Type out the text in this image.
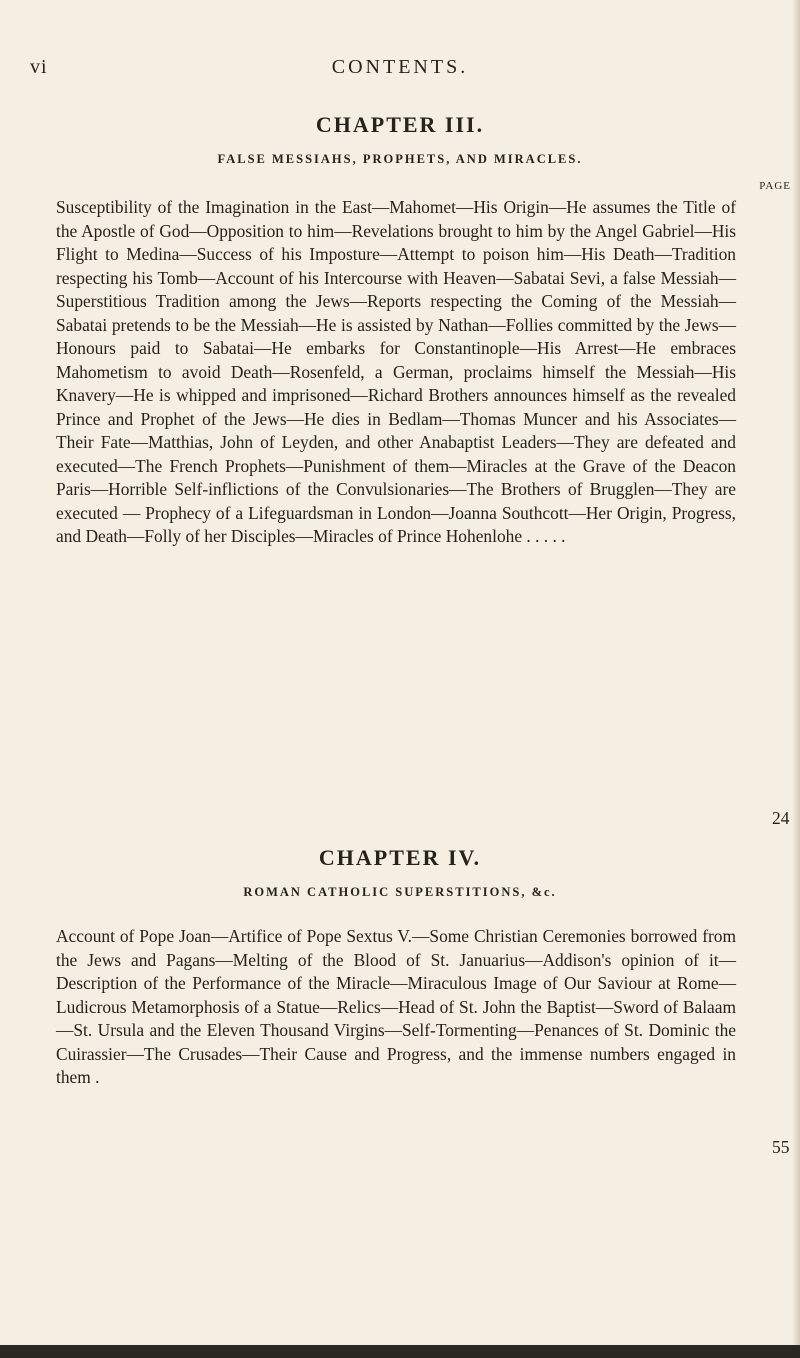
vi	CONTENTS.
CHAPTER III.
FALSE MESSIAHS, PROPHETS, AND MIRACLES.
PAGE
Susceptibility of the Imagination in the East—Mahomet—His Origin—He assumes the Title of the Apostle of God—Opposition to him—Revelations brought to him by the Angel Gabriel—His Flight to Medina—Success of his Imposture—Attempt to poison him—His Death—Tradition respecting his Tomb—Account of his Intercourse with Heaven—Sabatai Sevi, a false Messiah—Superstitious Tradition among the Jews—Reports respecting the Coming of the Messiah—Sabatai pretends to be the Messiah—He is assisted by Nathan—Follies committed by the Jews—Honours paid to Sabatai—He embarks for Constantinople—His Arrest—He embraces Mahometism to avoid Death—Rosenfeld, a German, proclaims himself the Messiah—His Knavery—He is whipped and imprisoned—Richard Brothers announces himself as the revealed Prince and Prophet of the Jews—He dies in Bedlam—Thomas Muncer and his Associates—Their Fate—Matthias, John of Leyden, and other Anabaptist Leaders—They are defeated and executed—The French Prophets—Punishment of them—Miracles at the Grave of the Deacon Paris—Horrible Self-inflictions of the Convulsionaries—The Brothers of Brugglen—They are executed — Prophecy of a Lifeguardsman in London—Joanna Southcott—Her Origin, Progress, and Death—Folly of her Disciples—Miracles of Prince Hohenlohe . . . . .
24
CHAPTER IV.
ROMAN CATHOLIC SUPERSTITIONS, &c.
Account of Pope Joan—Artifice of Pope Sextus V.—Some Christian Ceremonies borrowed from the Jews and Pagans—Melting of the Blood of St. Januarius—Addison's opinion of it—Description of the Performance of the Miracle—Miraculous Image of Our Saviour at Rome—Ludicrous Metamorphosis of a Statue—Relics—Head of St. John the Baptist—Sword of Balaam—St. Ursula and the Eleven Thousand Virgins—Self-Tormenting—Penances of St. Dominic the Cuirassier—The Crusades—Their Cause and Progress, and the immense numbers engaged in them .
55
